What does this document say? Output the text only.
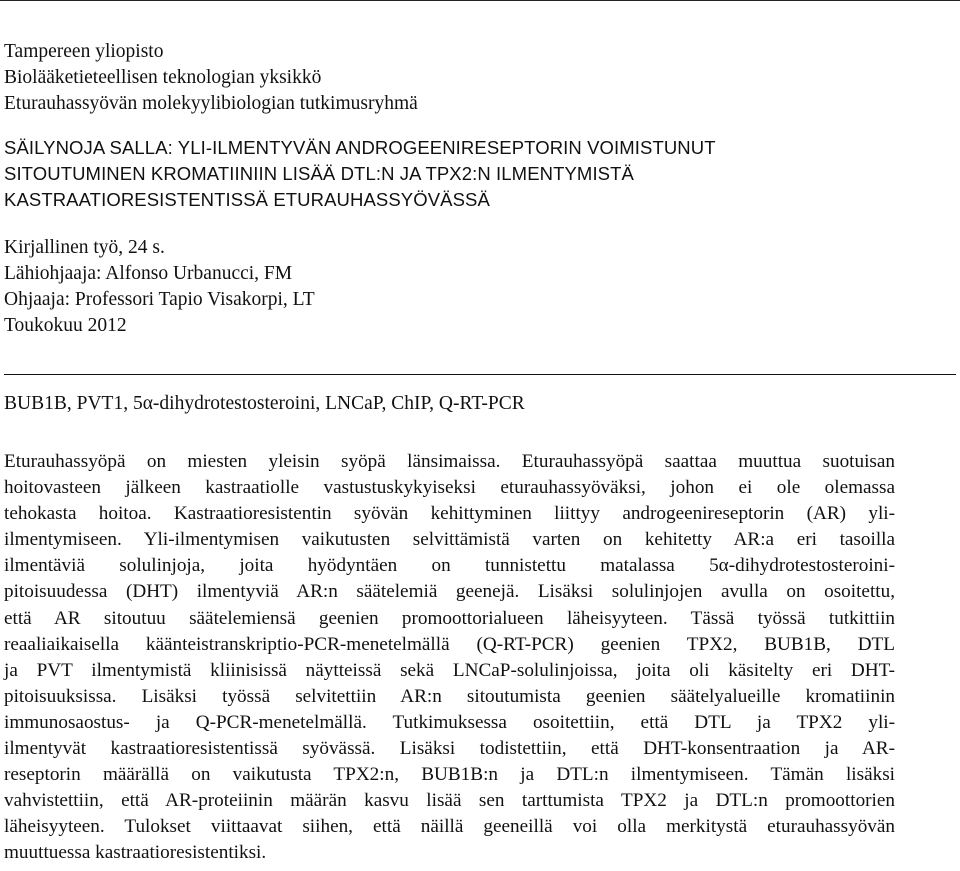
Tampereen yliopisto
Biolääketieteellisen teknologian yksikkö
Eturauhassyövän molekyylibiologian tutkimusryhmä
SÄILYNOJA SALLA: YLI-ILMENTYVÄN ANDROGEENIRESEPTORIN VOIMISTUNUT
SITOUTUMINEN KROMATIINIIN LISÄÄ DTL:N JA TPX2:N ILMENTYMISTÄ
KASTRAATIORESISTENTISSÄ ETURAUHASSYÖVÄSSÄ
Kirjallinen työ, 24 s.
Lähiohjaaja: Alfonso Urbanucci, FM
Ohjaaja: Professori Tapio Visakorpi, LT
Toukokuu 2012
BUB1B, PVT1, 5α-dihydrotestosteroini, LNCaP, ChIP, Q-RT-PCR
Eturauhassyöpä on miesten yleisin syöpä länsimaissa. Eturauhassyöpä saattaa muuttua suotuisan
hoitovasteen jälkeen kastraatiolle vastustuskykyiseksi eturauhassyöväksi, johon ei ole olemassa
tehokasta hoitoa. Kastraatioresistentin syövän kehittyminen liittyy androgeenireseptorin (AR) yli-
ilmentymiseen. Yli-ilmentymisen vaikutusten selvittämistä varten on kehitetty AR:a eri tasoilla
ilmentäviä solulinjoja, joita hyödyntäen on tunnistettu matalassa 5α-dihydrotestosteroini-
pitoisuudessa (DHT) ilmentyviä AR:n säätelemiä geenejä. Lisäksi solulinjojen avulla on osoitettu,
että AR sitoutuu säätelemiensä geenien promoottorialueen läheisyyteen. Tässä työssä tutkittiin
reaaliaikaisella käänteistranskriptio-PCR-menetelmällä (Q-RT-PCR) geenien TPX2, BUB1B, DTL
ja PVT ilmentymistä kliinisissä näytteissä sekä LNCaP-solulinjoissa, joita oli käsitelty eri DHT-
pitoisuuksissa. Lisäksi työssä selvitettiin AR:n sitoutumista geenien säätelyalueille kromatiinin
immunosaostus- ja Q-PCR-menetelmällä. Tutkimuksessa osoitettiin, että DTL ja TPX2 yli-
ilmentyvät kastraatioresistentissä syövässä. Lisäksi todistettiin, että DHT-konsentraation ja AR-
reseptorin määrällä on vaikutusta TPX2:n, BUB1B:n ja DTL:n ilmentymiseen. Tämän lisäksi
vahvistettiin, että AR-proteiinin määrän kasvu lisää sen tarttumista TPX2 ja DTL:n promoottorien
läheisyyteen. Tulokset viittaavat siihen, että näillä geeneillä voi olla merkitystä eturauhassyövän
muuttuessa kastraatioresistentiksi.
